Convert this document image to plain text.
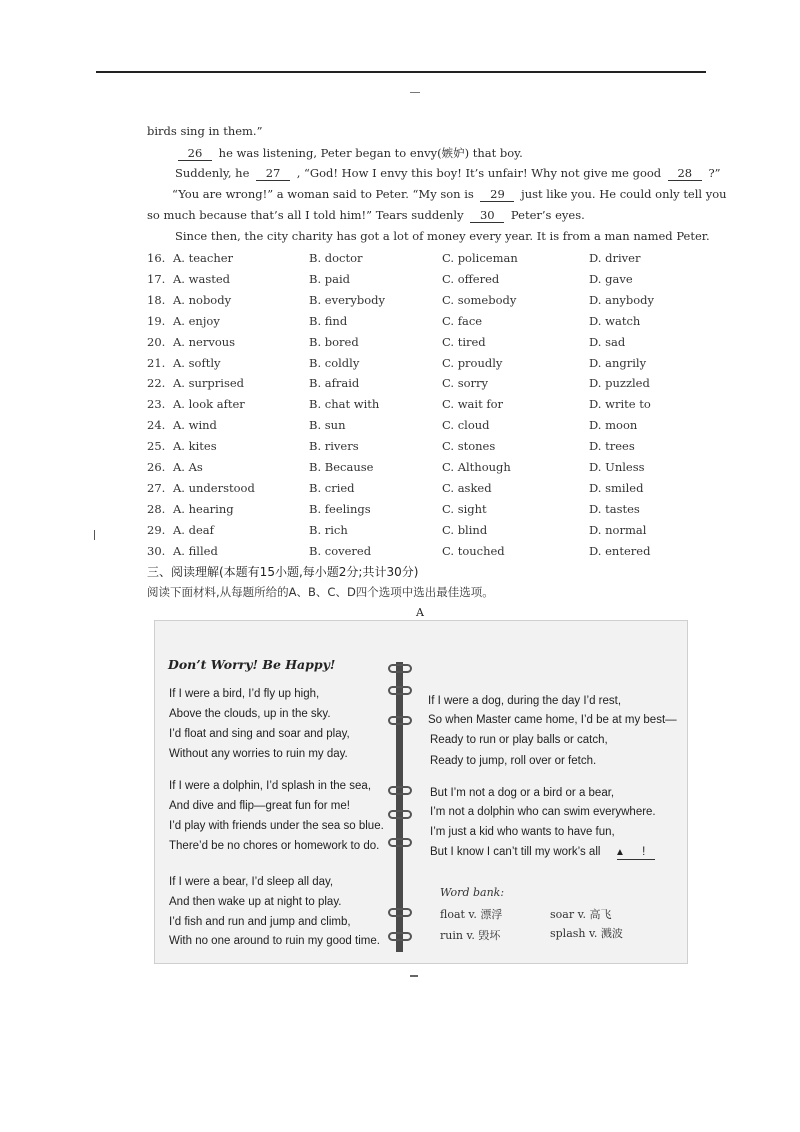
birds sing in them.”
26 he was listening, Peter began to envy(嫉妒) that boy.
Suddenly, he 27 , “God! How I envy this boy! It’s unfair! Why not give me good 28 ?”
“You are wrong!” a woman said to Peter. “My son is 29 just like you. He could only tell you
so much because that’s all I told him!” Tears suddenly 30 Peter’s eyes.
Since then, the city charity has got a lot of money every year. It is from a man named Peter.
16. A. teacher	B. doctor	C. policeman	D. driver
17. A. wasted	B. paid	C. offered	D. gave
18. A. nobody	B. everybody	C. somebody	D. anybody
19. A. enjoy	B. find	C. face	D. watch
20. A. nervous	B. bored	C. tired	D. sad
21. A. softly	B. coldly	C. proudly	D. angrily
22. A. surprised	B. afraid	C. sorry	D. puzzled
23. A. look after	B. chat with	C. wait for	D. write to
24. A. wind	B. sun	C. cloud	D. moon
25. A. kites	B. rivers	C. stones	D. trees
26. A. As	B. Because	C. Although	D. Unless
27. A. understood	B. cried	C. asked	D. smiled
28. A. hearing	B. feelings	C. sight	D. tastes
29. A. deaf	B. rich	C. blind	D. normal
30. A. filled	B. covered	C. touched	D. entered
三、阅读理解(本题有15小题,每小题2分;共计30分)
阅读下面材料,从每题所给的A、B、C、D四个选项中选出最佳选项。
A
Don’t Worry! Be Happy!
If I were a bird, I’d fly up high,
Above the clouds, up in the sky.
I’d float and sing and soar and play,
Without any worries to ruin my day.
If I were a dolphin, I’d splash in the sea,
And dive and flip—great fun for me!
I’d play with friends under the sea so blue.
There’d be no chores or homework to do.
If I were a bear, I’d sleep all day,
And then wake up at night to play.
I’d fish and run and jump and climb,
With no one around to ruin my good time.
If I were a dog, during the day I’d rest,
So when Master came home, I’d be at my best—
Ready to run or play balls or catch,
Ready to jump, roll over or fetch.
But I’m not a dog or a bird or a bear,
I’m not a dolphin who can swim everywhere.
I’m just a kid who wants to have fun,
But I know I can’t till my work’s all ▲ !
Word bank:
float v. 漂浮	soar v. 高飞
ruin v. 毁坏	splash v. 溅波
